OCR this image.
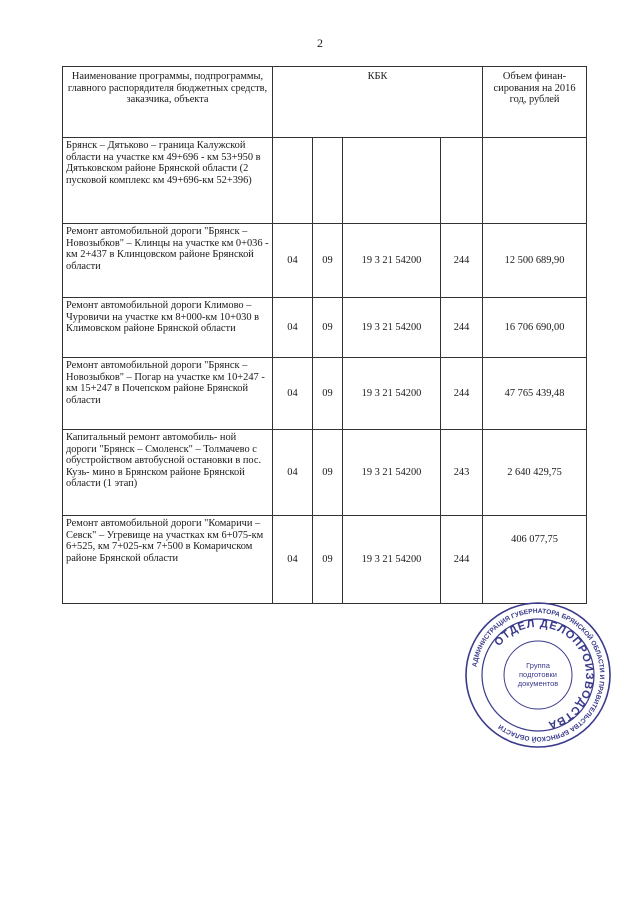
2
Наименование программы, подпрограммы, главного распорядителя бюджетных средств, заказчика, объекта	КБК				Объем финан- сирования на 2016 год, рублей
Брянск – Дятьково – граница Калужской области на участке км 49+696 - км 53+950 в Дятьковском районе Брянской области (2 пусковой комплекс км 49+696-км 52+396)					
Ремонт автомобильной дороги "Брянск – Новозыбков" – Клинцы на участке км 0+036 - км 2+437 в Клинцовском районе Брянской области	04	09	19 3 21 54200	244	12 500 689,90
Ремонт автомобильной дороги Климово – Чуровичи на участке км 8+000-км 10+030 в Климовском районе Брянской области	04	09	19 3 21 54200	244	16 706 690,00
Ремонт автомобильной дороги "Брянск – Новозыбков" – Погар на участке км 10+247 - км 15+247 в Почепском районе Брянской области	04	09	19 3 21 54200	244	47 765 439,48
Капитальный ремонт автомобиль- ной дороги "Брянск – Смоленск" – Толмачево с обустройством автобусной остановки в пос. Кузь- мино в Брянском районе Брянской области (1 этап)	04	09	19 3 21 54200	243	2 640 429,75
Ремонт автомобильной дороги "Комаричи – Севск" – Угревище на участках км 6+075-км 6+525, км 7+025-км 7+500 в Комаричском районе Брянской области	04	09	19 3 21 54200	244	406 077,75
АДМИНИСТРАЦИЯ ГУБЕРНАТОРА БРЯНСКОЙ ОБЛАСТИ И ПРАВИТЕЛЬСТВА БРЯНСКОЙ ОБЛАСТИ
ОТДЕЛ ДЕЛОПРОИЗВОДСТВА
Группа
подготовки
документов
